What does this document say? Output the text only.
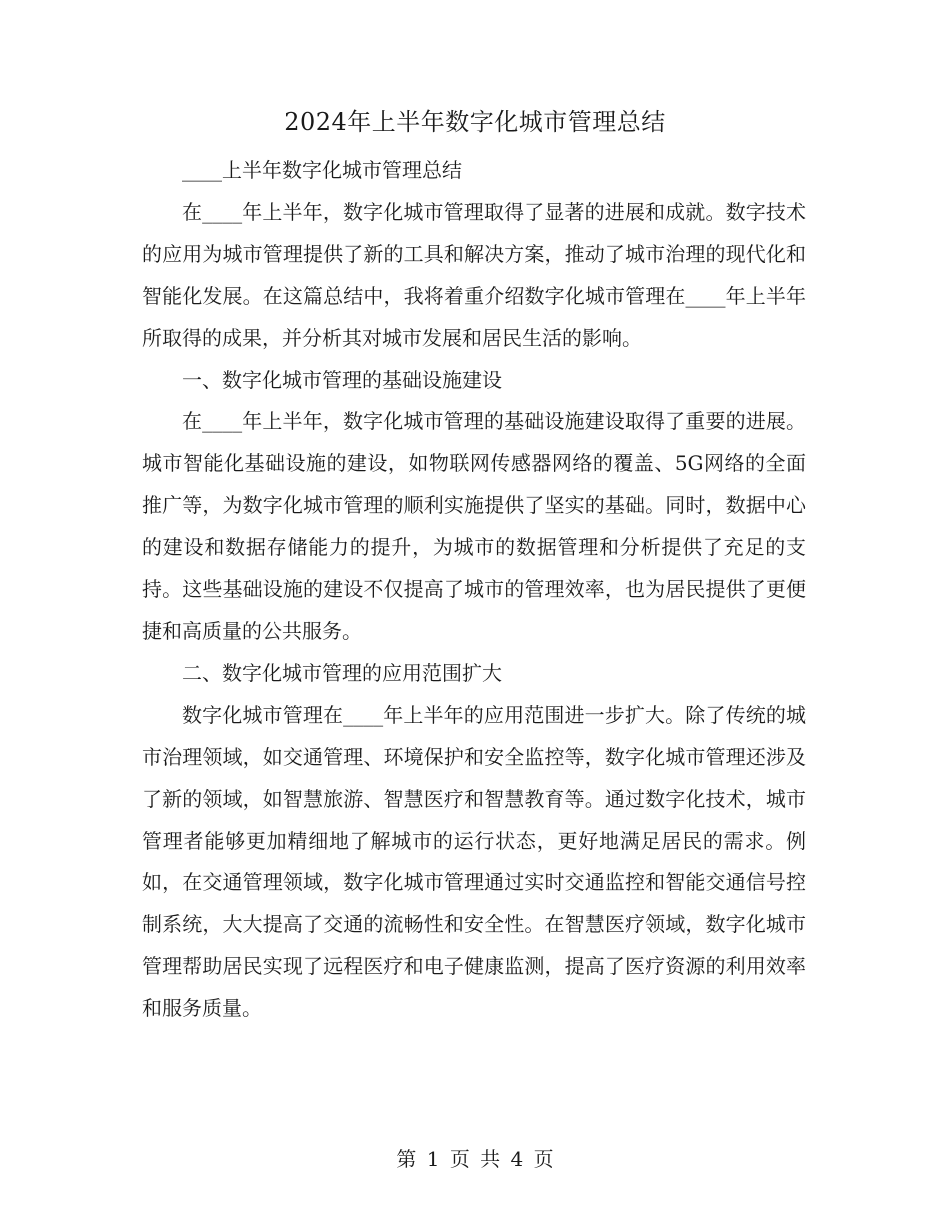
2024年上半年数字化城市管理总结

____上半年数字化城市管理总结

在____年上半年，数字化城市管理取得了显著的进展和成就。数字技术的应用为城市管理提供了新的工具和解决方案，推动了城市治理的现代化和智能化发展。在这篇总结中，我将着重介绍数字化城市管理在____年上半年所取得的成果，并分析其对城市发展和居民生活的影响。

一、数字化城市管理的基础设施建设

在____年上半年，数字化城市管理的基础设施建设取得了重要的进展。城市智能化基础设施的建设，如物联网传感器网络的覆盖、5G网络的全面推广等，为数字化城市管理的顺利实施提供了坚实的基础。同时，数据中心的建设和数据存储能力的提升，为城市的数据管理和分析提供了充足的支持。这些基础设施的建设不仅提高了城市的管理效率，也为居民提供了更便捷和高质量的公共服务。

二、数字化城市管理的应用范围扩大

数字化城市管理在____年上半年的应用范围进一步扩大。除了传统的城市治理领域，如交通管理、环境保护和安全监控等，数字化城市管理还涉及了新的领域，如智慧旅游、智慧医疗和智慧教育等。通过数字化技术，城市管理者能够更加精细地了解城市的运行状态，更好地满足居民的需求。例如，在交通管理领域，数字化城市管理通过实时交通监控和智能交通信号控制系统，大大提高了交通的流畅性和安全性。在智慧医疗领域，数字化城市管理帮助居民实现了远程医疗和电子健康监测，提高了医疗资源的利用效率和服务质量。

第 1 页 共 4 页
